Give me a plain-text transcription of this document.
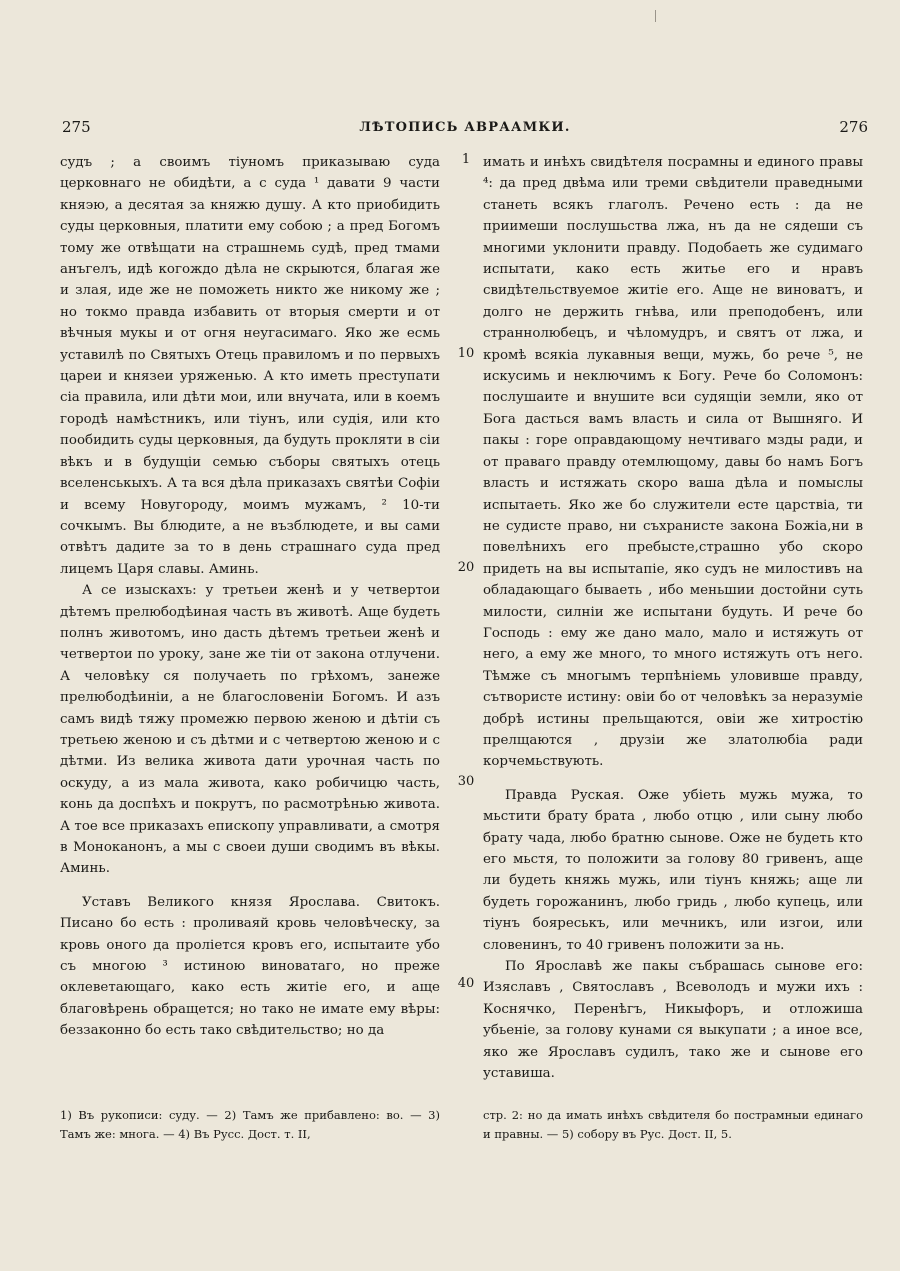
275	ЛѢТОПИСЬ АВРААМКИ.	276

судъ ; а своимъ тіуномъ приказываю суда церковнаго не обидѣти, а с суда ¹ давати 9 части княэю, а десятая за княжю душу. А кто приобидить суды церковныя, платити ему собою ; а пред Богомъ тому же отвѣщати на страшнемь судѣ, пред тмами анъгелъ, идѣ когождо дѣла не скрыются, благая же и злая, иде же не поможеть никто же никому же ; но токмо правда избавить от вторыя смерти и от вѣчныя мукы и от огня неугасимаго. Яко же есмь уставилѣ по Святыхъ Отець правиломъ и по первыхъ цареи и князеи уряженью. А кто иметь преступати сіа правила, или дѣти мои, или внучата, или в коемъ городѣ намѣстникъ, или тіунъ, или судія, или кто пообидить суды церковныя, да будуть прокляти в сіи вѣкъ и в будущіи семью съборы святыхъ отець вселенськыхъ. А та вся дѣла приказахъ святѣи Софіи и всему Новугороду, моимъ мужамъ, ² 10-ти сочкымъ. Вы блюдите, а не възблюдете, и вы сами отвѣтъ дадите за то в день страшнаго суда пред лицемъ Царя славы. Аминь.

А се изыскахъ: у третьеи женѣ и у четвертои дѣтемъ прелюбодѣиная часть въ животѣ. Аще будеть полнъ животомъ, ино дасть дѣтемъ третьеи женѣ и четвертои по уроку, зане же тіи от закона отлучени. А человѣку ся получаеть по грѣхомъ, занеже прелюбодѣиніи, а не благословеніи Богомъ. И азъ самъ видѣ тяжу промежю первою женою и дѣтіи съ третьею женою и съ дѣтми и с четвертою женою и с дѣтми. Из велика живота дати урочная часть по оскуду, а из мала живота, како робичицю часть, конь да доспѣхъ и покрутъ, по расмотрѣнью живота. А тое все приказахъ епископу управливати, а смотря в Моноканонъ, а мы с своеи души сводимъ въ вѣкы. Аминь.

Уставъ Великого князя Ярослава. Свитокъ. Писано бо есть : проливаяй кровь человѣческу, за кровь оного да проліется кровъ его, испытаите убо съ многою ³ истиною виноватаго, но преже оклеветающаго, како есть житіе его, и аще благовѣрень обращется; но тако не имате ему вѣры: беззаконно бо есть тако свѣдительство; но да

1
10
20
30
40

имать и инѣхъ свидѣтеля посрамны и единого правы ⁴: да пред двѣма или треми свѣдители праведными станеть всякъ глаголъ. Речено есть : да не приимеши послушьства лжа, нъ да не сядеши съ многими уклонити правду. Подобаеть же судимаго испытати, како есть житье его и нравъ свидѣтельствуемое житіе его. Аще не виноватъ, и долго не держить гнѣва, или преподобенъ, или страннолюбецъ, и чѣломудръ, и святъ от лжа, и кромѣ всякіа лукавныя вещи, мужь, бо рече ⁵, не искусимь и неключимъ к Богу. Рече бо Соломонъ: послушаите и внушите вси судящіи земли, яко от Бога дасться вамъ власть и сила от Вышняго. И пакы : горе оправдающому нечтиваго мзды ради, и от праваго правду отемлющому, давы бо намъ Богъ власть и истяжать скоро ваша дѣла и помыслы испытаеть. Яко же бо служители есте царствіа, ти не судисте право, ни съхранисте закона Божіа,ни в повелѣнихъ его пребысте,страшно убо скоро придеть на вы испытапіе, яко судъ не милостивъ на обладающаго бываеть , ибо меньшии достойни суть милости, силніи же испытани будуть. И рече бо Господь : ему же дано мало, мало и истяжуть от него, а ему же много, то много истяжуть отъ него. Тѣмже съ многымъ терпѣніемь уловивше правду, сътвористе истину: овіи бо от человѣкъ за неразуміе добрѣ истины прельщаются, овіи же хитростію прелщаются , друзіи же златолюбіа ради корчемьствують.

Правда Руская. Оже убіеть мужь мужа, то мьстити брату брата , любо отцю , или сыну любо брату чада, любо братню сынове. Оже не будеть кто его мьстя, то положити за голову 80 гривенъ, аще ли будеть княжь мужь, или тіунъ княжь; аще ли будеть горожанинъ, любо гридь , любо купець, или тіунъ бояреськъ, или мечникъ, или изгои, или словенинъ, то 40 гривенъ положити за нь.

По Ярославѣ же пакы събрашась сынове его: Изяславъ , Святославъ , Всеволодъ и мужи ихъ : Коснячко, Перенѣгъ, Никыфоръ, и отложиша убьеніе, за голову кунами ся выкупати ; а иное все, яко же Ярославъ судилъ, тако же и сынове его уставиша.

1) Въ рукописи: суду. — 2) Тамъ же прибавлено: во. — 3) Тамъ же: многа. — 4) Въ Русс. Дост. т. II,
стр. 2: но да имать инѣхъ свѣдителя бо пострамныи единаго и правны. — 5) собору въ Рус. Дост. II, 5.
